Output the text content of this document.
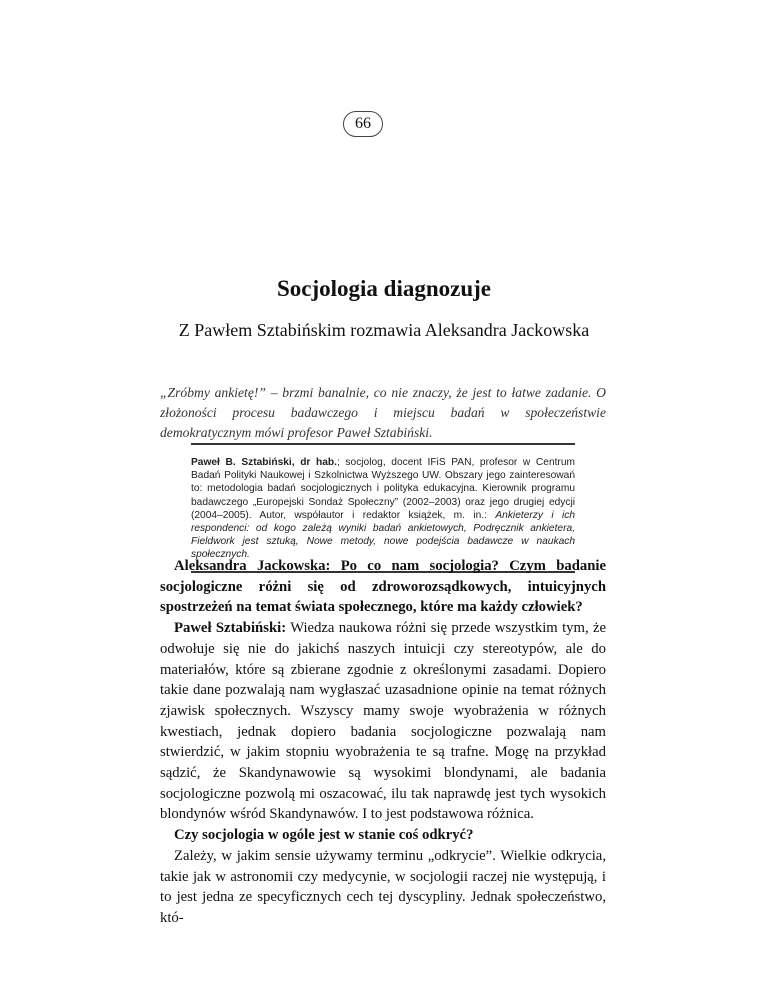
66
Socjologia diagnozuje
Z Pawłem Sztabińskim rozmawia Aleksandra Jackowska

„Zróbmy ankietę!” – brzmi banalnie, co nie znaczy, że jest to łatwe zadanie. O złożoności procesu badawczego i miejscu badań w społeczeństwie demokratycznym mówi profesor Paweł Sztabiński.

Paweł B. Sztabiński, dr hab.; socjolog, docent IFiS PAN, profesor w Centrum Badań Polityki Naukowej i Szkolnictwa Wyższego UW. Obszary jego zainteresowań to: metodologia badań socjologicznych i polityka edukacyjna. Kierownik programu badawczego „Europejski Sondaż Społeczny” (2002–2003) oraz jego drugiej edycji (2004–2005). Autor, współautor i redaktor książek, m. in.: Ankieterzy i ich respondenci: od kogo zależą wyniki badań ankietowych, Podręcznik ankietera, Fieldwork jest sztuką, Nowe metody, nowe podejścia badawcze w naukach społecznych.

Aleksandra Jackowska: Po co nam socjologia? Czym badanie socjologiczne różni się od zdroworozsądkowych, intuicyjnych spostrzeżeń na temat świata społecznego, które ma każdy człowiek?

Paweł Sztabiński: Wiedza naukowa różni się przede wszystkim tym, że odwołuje się nie do jakichś naszych intuicji czy stereotypów, ale do materiałów, które są zbierane zgodnie z określonymi zasadami. Dopiero takie dane pozwalają nam wygłaszać uzasadnione opinie na temat różnych zjawisk społecznych. Wszyscy mamy swoje wyobrażenia w różnych kwestiach, jednak dopiero badania socjologiczne pozwalają nam stwierdzić, w jakim stopniu wyobrażenia te są trafne. Mogę na przykład sądzić, że Skandynawowie są wysokimi blondynami, ale badania socjologiczne pozwolą mi oszacować, ilu tak naprawdę jest tych wysokich blondynów wśród Skandynawów. I to jest podstawowa różnica.

Czy socjologia w ogóle jest w stanie coś odkryć?

Zależy, w jakim sensie używamy terminu „odkrycie”. Wielkie odkrycia, takie jak w astronomii czy medycynie, w socjologii raczej nie występują, i to jest jedna ze specyficznych cech tej dyscypliny. Jednak społeczeństwo, któ-
